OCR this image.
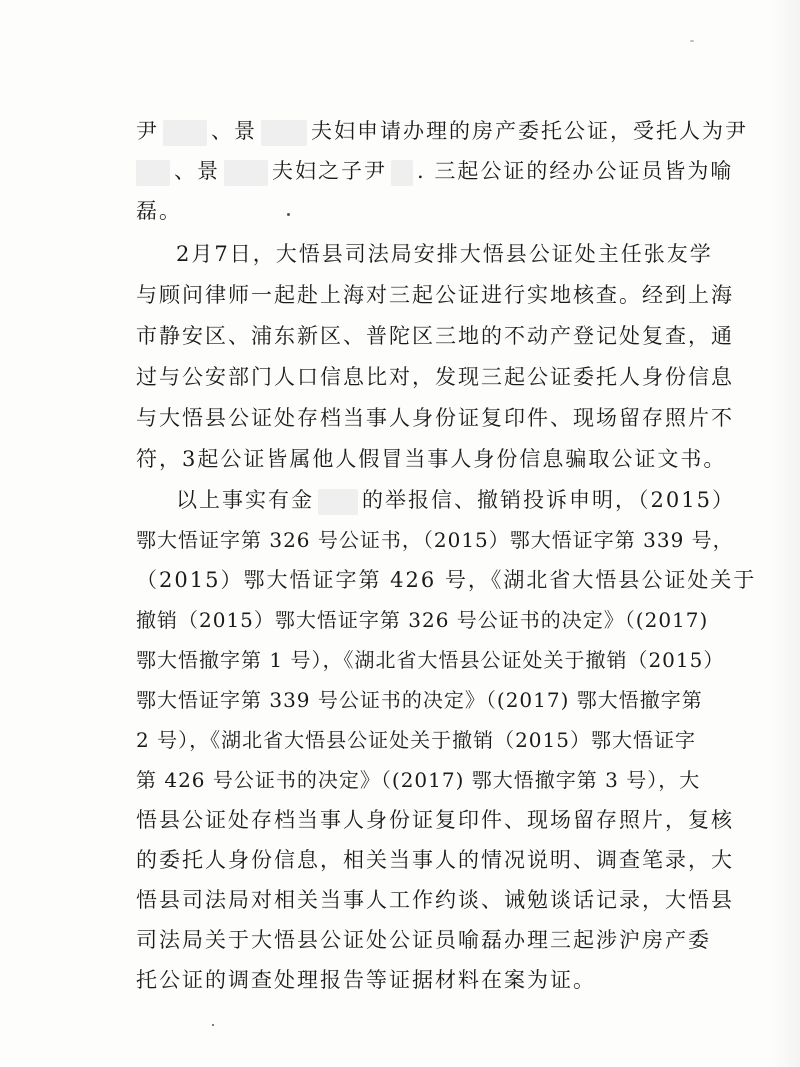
尹 、景	夫妇申请办理的房产委托公证，受托人为尹
、景 夫妇之子尹 . 三起公证的经办公证员皆为喻
磊。
2月7日，大悟县司法局安排大悟县公证处主任张友学
与顾问律师一起赴上海对三起公证进行实地核查。经到上海
市静安区、浦东新区、普陀区三地的不动产登记处复查，通
过与公安部门人口信息比对，发现三起公证委托人身份信息
与大悟县公证处存档当事人身份证复印件、现场留存照片不
符，3起公证皆属他人假冒当事人身份信息骗取公证文书。
以上事实有金 的举报信、撤销投诉申明，（2015）
鄂大悟证字第 326 号公证书，（2015）鄂大悟证字第 339 号，
（2015）鄂大悟证字第 426 号，《湖北省大悟县公证处关于
撤销（2015）鄂大悟证字第 326 号公证书的决定》（(2017)
鄂大悟撤字第 1 号），《湖北省大悟县公证处关于撤销（2015）
鄂大悟证字第 339 号公证书的决定》（(2017) 鄂大悟撤字第
2 号），《湖北省大悟县公证处关于撤销（2015）鄂大悟证字
第 426 号公证书的决定》（(2017) 鄂大悟撤字第 3 号），大
悟县公证处存档当事人身份证复印件、现场留存照片，复核
的委托人身份信息，相关当事人的情况说明、调查笔录，大
悟县司法局对相关当事人工作约谈、诫勉谈话记录，大悟县
司法局关于大悟县公证处公证员喻磊办理三起涉沪房产委
托公证的调查处理报告等证据材料在案为证。
